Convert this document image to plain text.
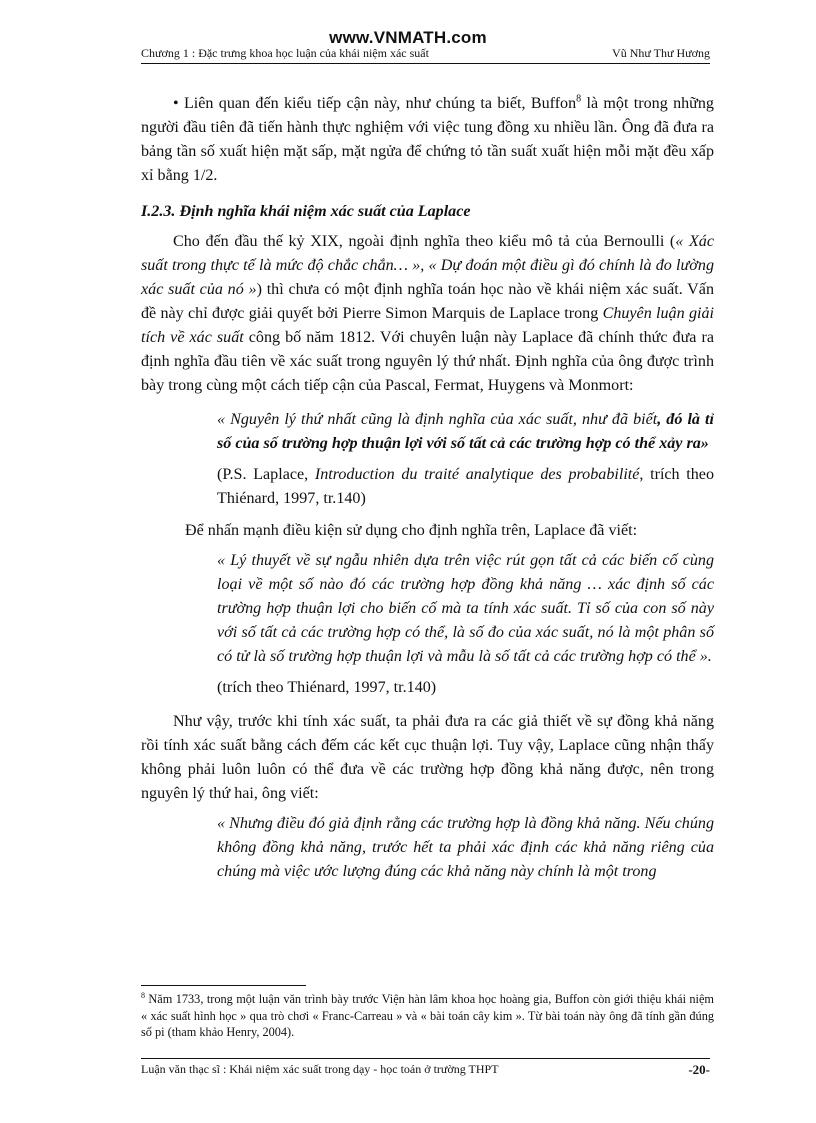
www.VNMATH.com
Chương 1 : Đặc trưng khoa học luận của khái niệm xác suất	Vũ Như Thư Hương

• Liên quan đến kiểu tiếp cận này, như chúng ta biết, Buffon$^8$ là một trong những người đầu tiên đã tiến hành thực nghiệm với việc tung đồng xu nhiều lần. Ông đã đưa ra bảng tần số xuất hiện mặt sấp, mặt ngửa để chứng tỏ tần suất xuất hiện mỗi mặt đều xấp xỉ bằng 1/2.

I.2.3. Định nghĩa khái niệm xác suất của Laplace

Cho đến đầu thế kỷ XIX, ngoài định nghĩa theo kiểu mô tả của Bernoulli (« Xác suất trong thực tế là mức độ chắc chắn… », « Dự đoán một điều gì đó chính là đo lường xác suất của nó ») thì chưa có một định nghĩa toán học nào về khái niệm xác suất. Vấn đề này chỉ được giải quyết bởi Pierre Simon Marquis de Laplace trong Chuyên luận giải tích về xác suất công bố năm 1812. Với chuyên luận này Laplace đã chính thức đưa ra định nghĩa đầu tiên về xác suất trong nguyên lý thứ nhất. Định nghĩa của ông được trình bày trong cùng một cách tiếp cận của Pascal, Fermat, Huygens và Monmort:

« Nguyên lý thứ nhất cũng là định nghĩa của xác suất, như đã biết, đó là tỉ số của số trường hợp thuận lợi với số tất cả các trường hợp có thể xảy ra»

(P.S. Laplace, Introduction du traité analytique des probabilité, trích theo Thiénard, 1997, tr.140)

Để nhấn mạnh điều kiện sử dụng cho định nghĩa trên, Laplace đã viết:

« Lý thuyết về sự ngẫu nhiên dựa trên việc rút gọn tất cả các biến cố cùng loại về một số nào đó các trường hợp đồng khả năng … xác định số các trường hợp thuận lợi cho biến cố mà ta tính xác suất. Tỉ số của con số này với số tất cả các trường hợp có thể, là số đo của xác suất, nó là một phân số có tử là số trường hợp thuận lợi và mẫu là số tất cả các trường hợp có thể ».

(trích theo Thiénard, 1997, tr.140)

Như vậy, trước khi tính xác suất, ta phải đưa ra các giả thiết về sự đồng khả năng rồi tính xác suất bằng cách đếm các kết cục thuận lợi. Tuy vậy, Laplace cũng nhận thấy không phải luôn luôn có thể đưa về các trường hợp đồng khả năng được, nên trong nguyên lý thứ hai, ông viết:

« Nhưng điều đó giả định rằng các trường hợp là đồng khả năng. Nếu chúng không đồng khả năng, trước hết ta phải xác định các khả năng riêng của chúng mà việc ước lượng đúng các khả năng này chính là một trong

$^8$ Năm 1733, trong một luận văn trình bày trước Viện hàn lâm khoa học hoàng gia, Buffon còn giới thiệu khái niệm « xác suất hình học » qua trò chơi « Franc-Carreau » và « bài toán cây kim ». Từ bài toán này ông đã tính gần đúng số pi (tham khảo Henry, 2004).

Luận văn thạc sĩ : Khái niệm xác suất trong dạy - học toán ở trường THPT	-20-
